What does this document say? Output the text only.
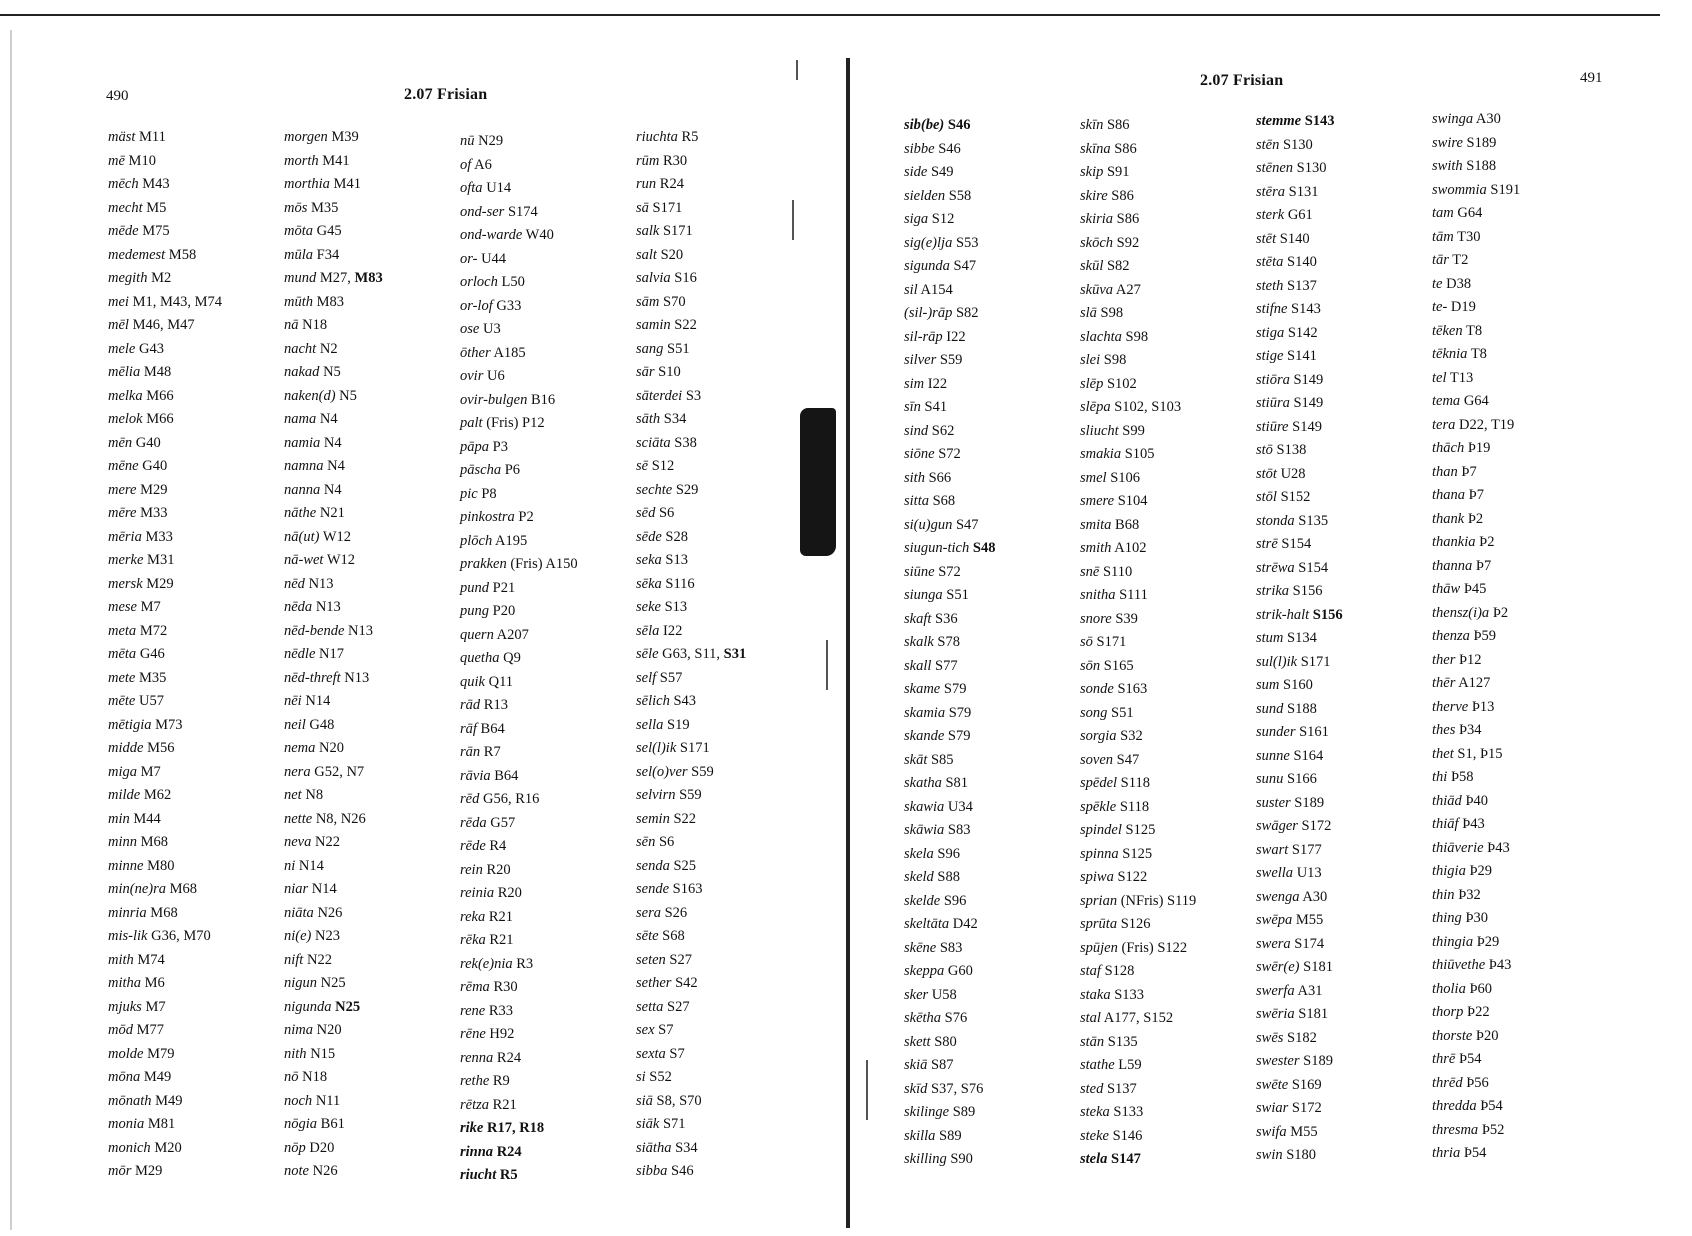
490	2.07 Frisian
mäst M11
mē M10
mēch M43
mecht M5
mēde M75
medemest M58
megith M2
mei M1, M43, M74
mēl M46, M47
mele G43
mēlia M48
melka M66
melok M66
mēn G40
mēne G40
mere M29
mēre M33
mēria M33
merke M31
mersk M29
mese M7
meta M72
mēta G46
mete M35
mēte U57
mētigia M73
midde M56
miga M7
milde M62
min M44
minn M68
minne M80
min(ne)ra M68
minria M68
mis-lik G36, M70
mith M74
mitha M6
mjuks M7
mōd M77
molde M79
mōna M49
mōnath M49
monia M81
monich M20
mōr M29
morgen M39
morth M41
morthia M41
mōs M35
mōta G45
mūla F34
mund M27, M83
mūth M83
nā N18
nacht N2
nakad N5
naken(d) N5
nama N4
namia N4
namna N4
nanna N4
nāthe N21
nā(ut) W12
nā-wet W12
nēd N13
nēda N13
nēd-bende N13
nēdle N17
nēd-threft N13
nēi N14
neil G48
nema N20
nera G52, N7
net N8
nette N8, N26
neva N22
ni N14
niar N14
niāta N26
ni(e) N23
nift N22
nigun N25
nigunda N25
nima N20
nith N15
nō N18
noch N11
nōgia B61
nōp D20
note N26
nū N29
of A6
ofta U14
ond-ser S174
ond-warde W40
or- U44
orloch L50
or-lof G33
ose U3
ōther A185
ovir U6
ovir-bulgen B16
palt (Fris) P12
pāpa P3
pāscha P6
pic P8
pinkostra P2
plōch A195
prakken (Fris) A150
pund P21
pung P20
quern A207
quetha Q9
quik Q11
rād R13
rāf B64
rān R7
rāvia B64
rēd G56, R16
rēda G57
rēde R4
rein R20
reinia R20
reka R21
rēka R21
rek(e)nia R3
rēma R30
rene R33
rēne H92
renna R24
rethe R9
rētza R21
rike R17, R18
rinna R24
riucht R5
riuchta R5
rūm R30
run R24
sā S171
salk S171
salt S20
salvia S16
sām S70
samin S22
sang S51
sār S10
sāterdei S3
sāth S34
sciāta S38
sē S12
sechte S29
sēd S6
sēde S28
seka S13
sēka S116
seke S13
sēla I22
sēle G63, S11, S31
self S57
sēlich S43
sella S19
sel(l)ik S171
sel(o)ver S59
selvirn S59
semin S22
sēn S6
senda S25
sende S163
sera S26
sēte S68
seten S27
sether S42
setta S27
sex S7
sexta S7
si S52
siā S8, S70
siāk S71
siātha S34
sibba S46
491
2.07 Frisian
sib(be) S46
sibbe S46
side S49
sielden S58
siga S12
sig(e)lja S53
sigunda S47
sil A154
(sil-)rāp S82
sil-rāp I22
silver S59
sim I22
sīn S41
sind S62
siōne S72
sith S66
sitta S68
si(u)gun S47
siugun-tich S48
siūne S72
siunga S51
skaft S36
skalk S78
skall S77
skame S79
skamia S79
skande S79
skāt S85
skatha S81
skawia U34
skāwia S83
skela S96
skeld S88
skelde S96
skeltāta D42
skēne S83
skeppa G60
sker U58
skētha S76
skett S80
skiā S87
skīd S37, S76
skilinge S89
skilla S89
skilling S90
skīn S86
skīna S86
skip S91
skire S86
skiria S86
skōch S92
skūl S82
skūva A27
slā S98
slachta S98
slei S98
slēp S102
slēpa S102, S103
sliucht S99
smakia S105
smel S106
smere S104
smita B68
smith A102
snē S110
snitha S111
snore S39
sō S171
sōn S165
sonde S163
song S51
sorgia S32
soven S47
spēdel S118
spēkle S118
spindel S125
spinna S125
spiwa S122
sprian (NFris) S119
sprūta S126
spūjen (Fris) S122
staf S128
staka S133
stal A177, S152
stān S135
stathe L59
sted S137
steka S133
steke S146
stela S147
stemme S143
stēn S130
stēnen S130
stēra S131
sterk G61
stēt S140
stēta S140
steth S137
stifne S143
stiga S142
stige S141
stiōra S149
stiūra S149
stiūre S149
stō S138
stōt U28
stōl S152
stonda S135
strē S154
strēwa S154
strika S156
strik-halt S156
stum S134
sul(l)ik S171
sum S160
sund S188
sunder S161
sunne S164
sunu S166
suster S189
swāger S172
swart S177
swella U13
swenga A30
swēpa M55
swera S174
swēr(e) S181
swerfa A31
swēria S181
swēs S182
swester S189
swēte S169
swiar S172
swifa M55
swin S180
swinga A30
swire S189
swith S188
swommia S191
tam G64
tām T30
tār T2
te D38
te- D19
tēken T8
tēknia T8
tel T13
tema G64
tera D22, T19
thāch Þ19
than Þ7
thana Þ7
thank Þ2
thankia Þ2
thanna Þ7
thāw Þ45
thensz(i)a Þ2
thenza Þ59
ther Þ12
thēr A127
therve Þ13
thes Þ34
thet S1, Þ15
thi Þ58
thiād Þ40
thiāf Þ43
thiāverie Þ43
thigia Þ29
thin Þ32
thing Þ30
thingia Þ29
thiūvethe Þ43
tholia Þ60
thorp Þ22
thorste Þ20
thrē Þ54
thrēd Þ56
thredda Þ54
thresma Þ52
thria Þ54
